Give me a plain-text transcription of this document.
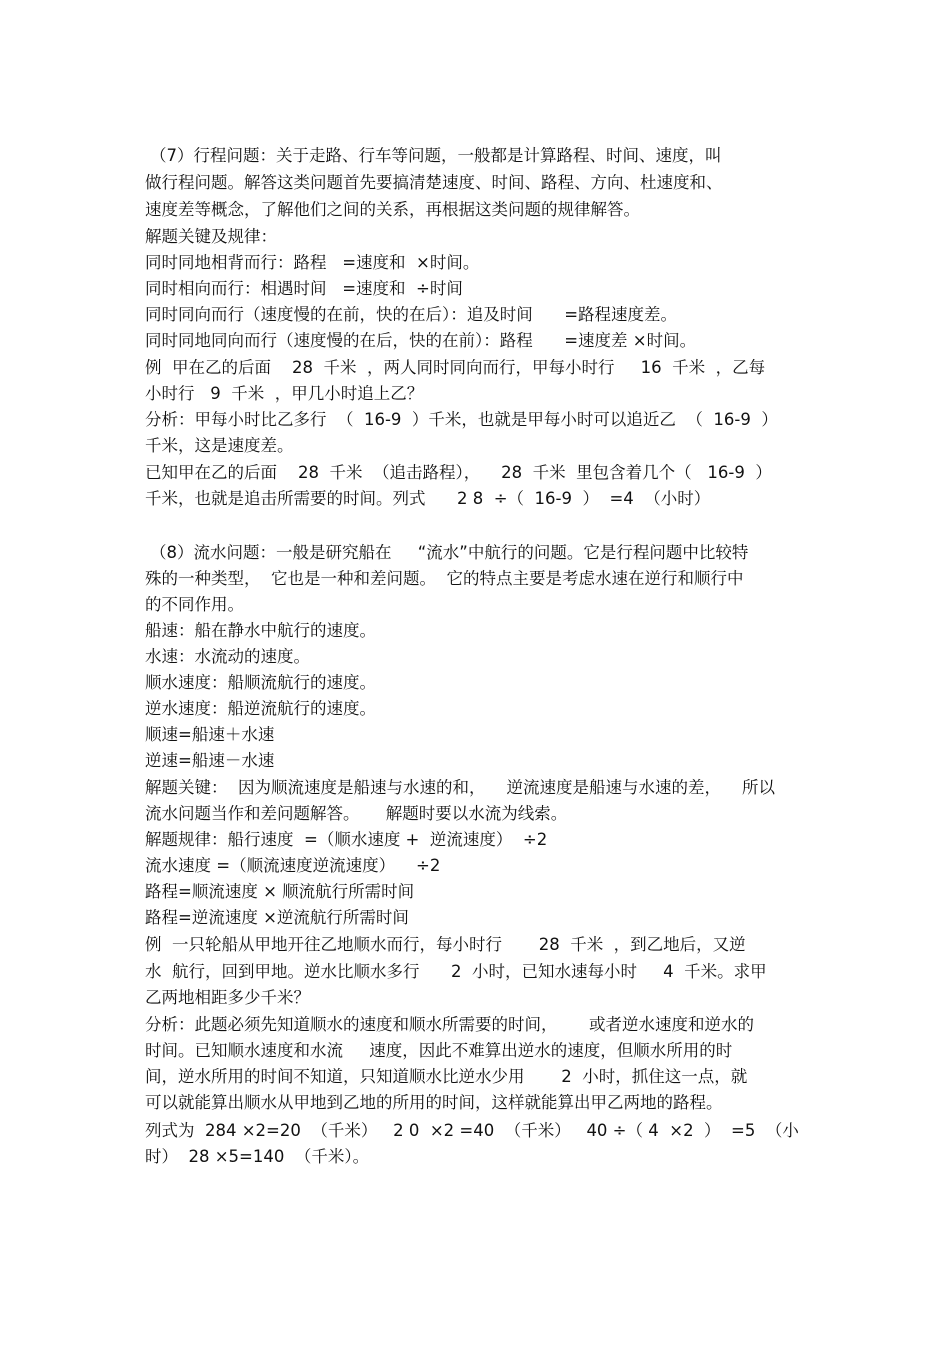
（7）行程问题：关于走路、行车等问题，一般都是计算路程、时间、速度，叫
做行程问题。解答这类问题首先要搞清楚速度、时间、路程、方向、杜速度和、
速度差等概念，了解他们之间的关系，再根据这类问题的规律解答。
解题关键及规律：
同时同地相背而行：路程   =速度和  ×时间。
同时相向而行：相遇时间   =速度和  ÷时间
同时同向而行（速度慢的在前，快的在后）：追及时间      =路程速度差。
同时同地同向而行（速度慢的在后，快的在前）：路程      =速度差 ×时间。
例  甲在乙的后面    28  千米  ，两人同时同向而行，甲每小时行     16  千米  ，乙每
小时行   9  千米  ，甲几小时追上乙？
分析：甲每小时比乙多行  （  16-9  ）千米，也就是甲每小时可以追近乙  （  16-9  ）
千米，这是速度差。
已知甲在乙的后面    28  千米  （追击路程），    28  千米  里包含着几个（   16-9  ）
千米，也就是追击所需要的时间。列式      2 8  ÷（  16-9  ）  =4  （小时）
（8）流水问题：一般是研究船在     “流水”中航行的问题。它是行程问题中比较特
殊的一种类型，  它也是一种和差问题。  它的特点主要是考虑水速在逆行和顺行中
的不同作用。
船速：船在静水中航行的速度。
水速：水流动的速度。
顺水速度：船顺流航行的速度。
逆水速度：船逆流航行的速度。
顺速=船速＋水速
逆速=船速－水速
解题关键：  因为顺流速度是船速与水速的和，    逆流速度是船速与水速的差，    所以
流水问题当作和差问题解答。     解题时要以水流为线索。
解题规律：船行速度  =（顺水速度 +  逆流速度）  ÷2
流水速度 =（顺流速度逆流速度）    ÷2
路程=顺流速度 × 顺流航行所需时间
路程=逆流速度 ×逆流航行所需时间
例  一只轮船从甲地开往乙地顺水而行，每小时行       28  千米  ，到乙地后，又逆
水  航行，回到甲地。逆水比顺水多行      2  小时，已知水速每小时     4  千米。求甲
乙两地相距多少千米？
分析：此题必须先知道顺水的速度和顺水所需要的时间，      或者逆水速度和逆水的
时间。已知顺水速度和水流     速度，因此不难算出逆水的速度，但顺水所用的时
间，逆水所用的时间不知道，只知道顺水比逆水少用       2  小时，抓住这一点，就
可以就能算出顺水从甲地到乙地的所用的时间，这样就能算出甲乙两地的路程。
列式为  284 ×2=20  （千米）   2 0  ×2 =40  （千米）   40 ÷（ 4  ×2  ）  =5  （小
时）  28 ×5=140  （千米）。
